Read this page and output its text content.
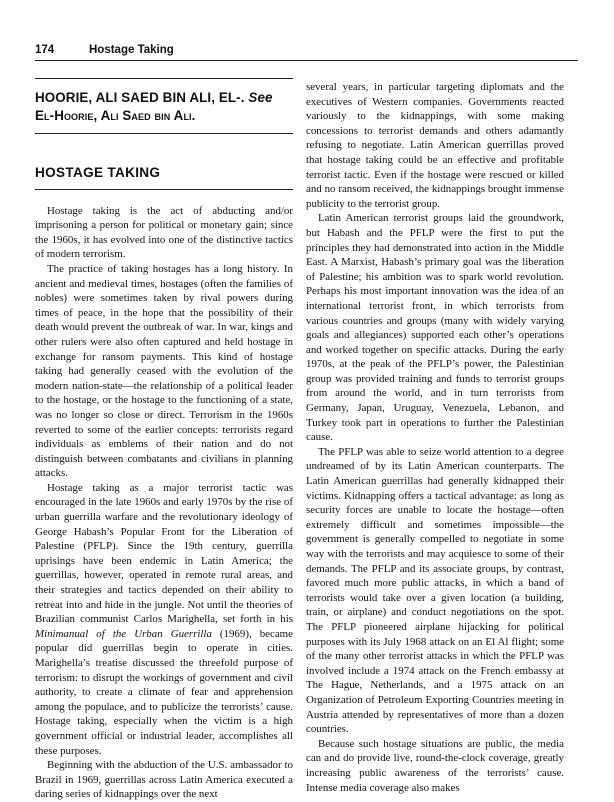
174	Hostage Taking
HOORIE, ALI SAED BIN ALI, EL-. See El-Hoorie, Ali Saed bin Ali.
HOSTAGE TAKING

Hostage taking is the act of abducting and/or imprisoning a person for political or monetary gain; since the 1960s, it has evolved into one of the distinctive tactics of modern terrorism.

The practice of taking hostages has a long history. In ancient and medieval times, hostages (often the families of nobles) were sometimes taken by rival powers during times of peace, in the hope that the possibility of their death would prevent the outbreak of war. In war, kings and other rulers were also often captured and held hostage in exchange for ransom payments. This kind of hostage taking had generally ceased with the evolution of the modern nation-state—the relationship of a political leader to the hostage, or the hostage to the functioning of a state, was no longer so close or direct. Terrorism in the 1960s reverted to some of the earlier concepts: terrorists regard individuals as emblems of their nation and do not distinguish between combatants and civilians in planning attacks.

Hostage taking as a major terrorist tactic was encouraged in the late 1960s and early 1970s by the rise of urban guerrilla warfare and the revolutionary ideology of George Habash’s Popular Front for the Liberation of Palestine (PFLP). Since the 19th century, guerrilla uprisings have been endemic in Latin America; the guerrillas, however, operated in remote rural areas, and their strategies and tactics depended on their ability to retreat into and hide in the jungle. Not until the theories of Brazilian communist Carlos Marighella, set forth in his Minimanual of the Urban Guerrilla (1969), became popular did guerrillas begin to operate in cities. Marighella’s treatise discussed the threefold purpose of terrorism: to disrupt the workings of government and civil authority, to create a climate of fear and apprehension among the populace, and to publicize the terrorists’ cause. Hostage taking, especially when the victim is a high government official or industrial leader, accomplishes all these purposes.

Beginning with the abduction of the U.S. ambassador to Brazil in 1969, guerrillas across Latin America executed a daring series of kidnappings over the next

several years, in particular targeting diplomats and the executives of Western companies. Governments reacted variously to the kidnappings, with some making concessions to terrorist demands and others adamantly refusing to negotiate. Latin American guerrillas proved that hostage taking could be an effective and profitable terrorist tactic. Even if the hostage were rescued or killed and no ransom received, the kidnappings brought immense publicity to the terrorist group.

Latin American terrorist groups laid the groundwork, but Habash and the PFLP were the first to put the principles they had demonstrated into action in the Middle East. A Marxist, Habash’s primary goal was the liberation of Palestine; his ambition was to spark world revolution. Perhaps his most important innovation was the idea of an international terrorist front, in which terrorists from various countries and groups (many with widely varying goals and allegiances) supported each other’s operations and worked together on specific attacks. During the early 1970s, at the peak of the PFLP’s power, the Palestinian group was provided training and funds to terrorist groups from around the world, and in turn terrorists from Germany, Japan, Uruguay, Venezuela, Lebanon, and Turkey took part in operations to further the Palestinian cause.

The PFLP was able to seize world attention to a degree undreamed of by its Latin American counterparts. The Latin American guerrillas had generally kidnapped their victims. Kidnapping offers a tactical advantage: as long as security forces are unable to locate the hostage—often extremely difficult and sometimes impossible—the government is generally compelled to negotiate in some way with the terrorists and may acquiesce to some of their demands. The PFLP and its associate groups, by contrast, favored much more public attacks, in which a band of terrorists would take over a given location (a building, train, or airplane) and conduct negotiations on the spot. The PFLP pioneered airplane hijacking for political purposes with its July 1968 attack on an El Al flight; some of the many other terrorist attacks in which the PFLP was involved include a 1974 attack on the French embassy at The Hague, Netherlands, and a 1975 attack on an Organization of Petroleum Exporting Countries meeting in Austria attended by representatives of more than a dozen countries.

Because such hostage situations are public, the media can and do provide live, round-the-clock coverage, greatly increasing public awareness of the terrorists’ cause. Intense media coverage also makes
